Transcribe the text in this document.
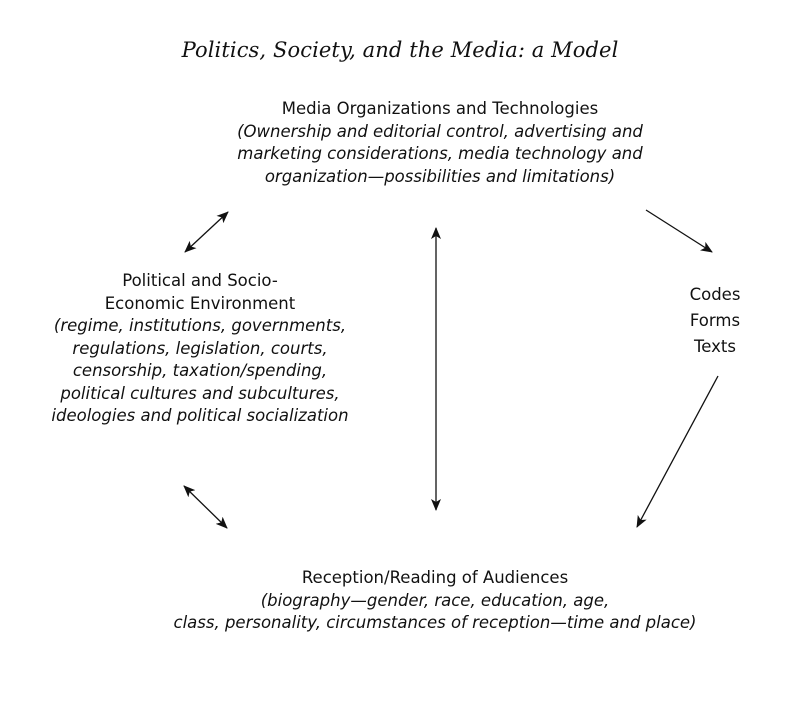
Politics, Society, and the Media: a Model
Media Organizations and Technologies
(Ownership and editorial control, advertising and
marketing considerations, media technology and
organization—possibilities and limitations)
Political and Socio-
Economic Environment
(regime, institutions, governments,
regulations, legislation, courts,
censorship, taxation/spending,
political cultures and subcultures,
ideologies and political socialization
Codes
Forms
Texts
Reception/Reading of Audiences
(biography—gender, race, education, age,
class, personality, circumstances of reception—time and place)
